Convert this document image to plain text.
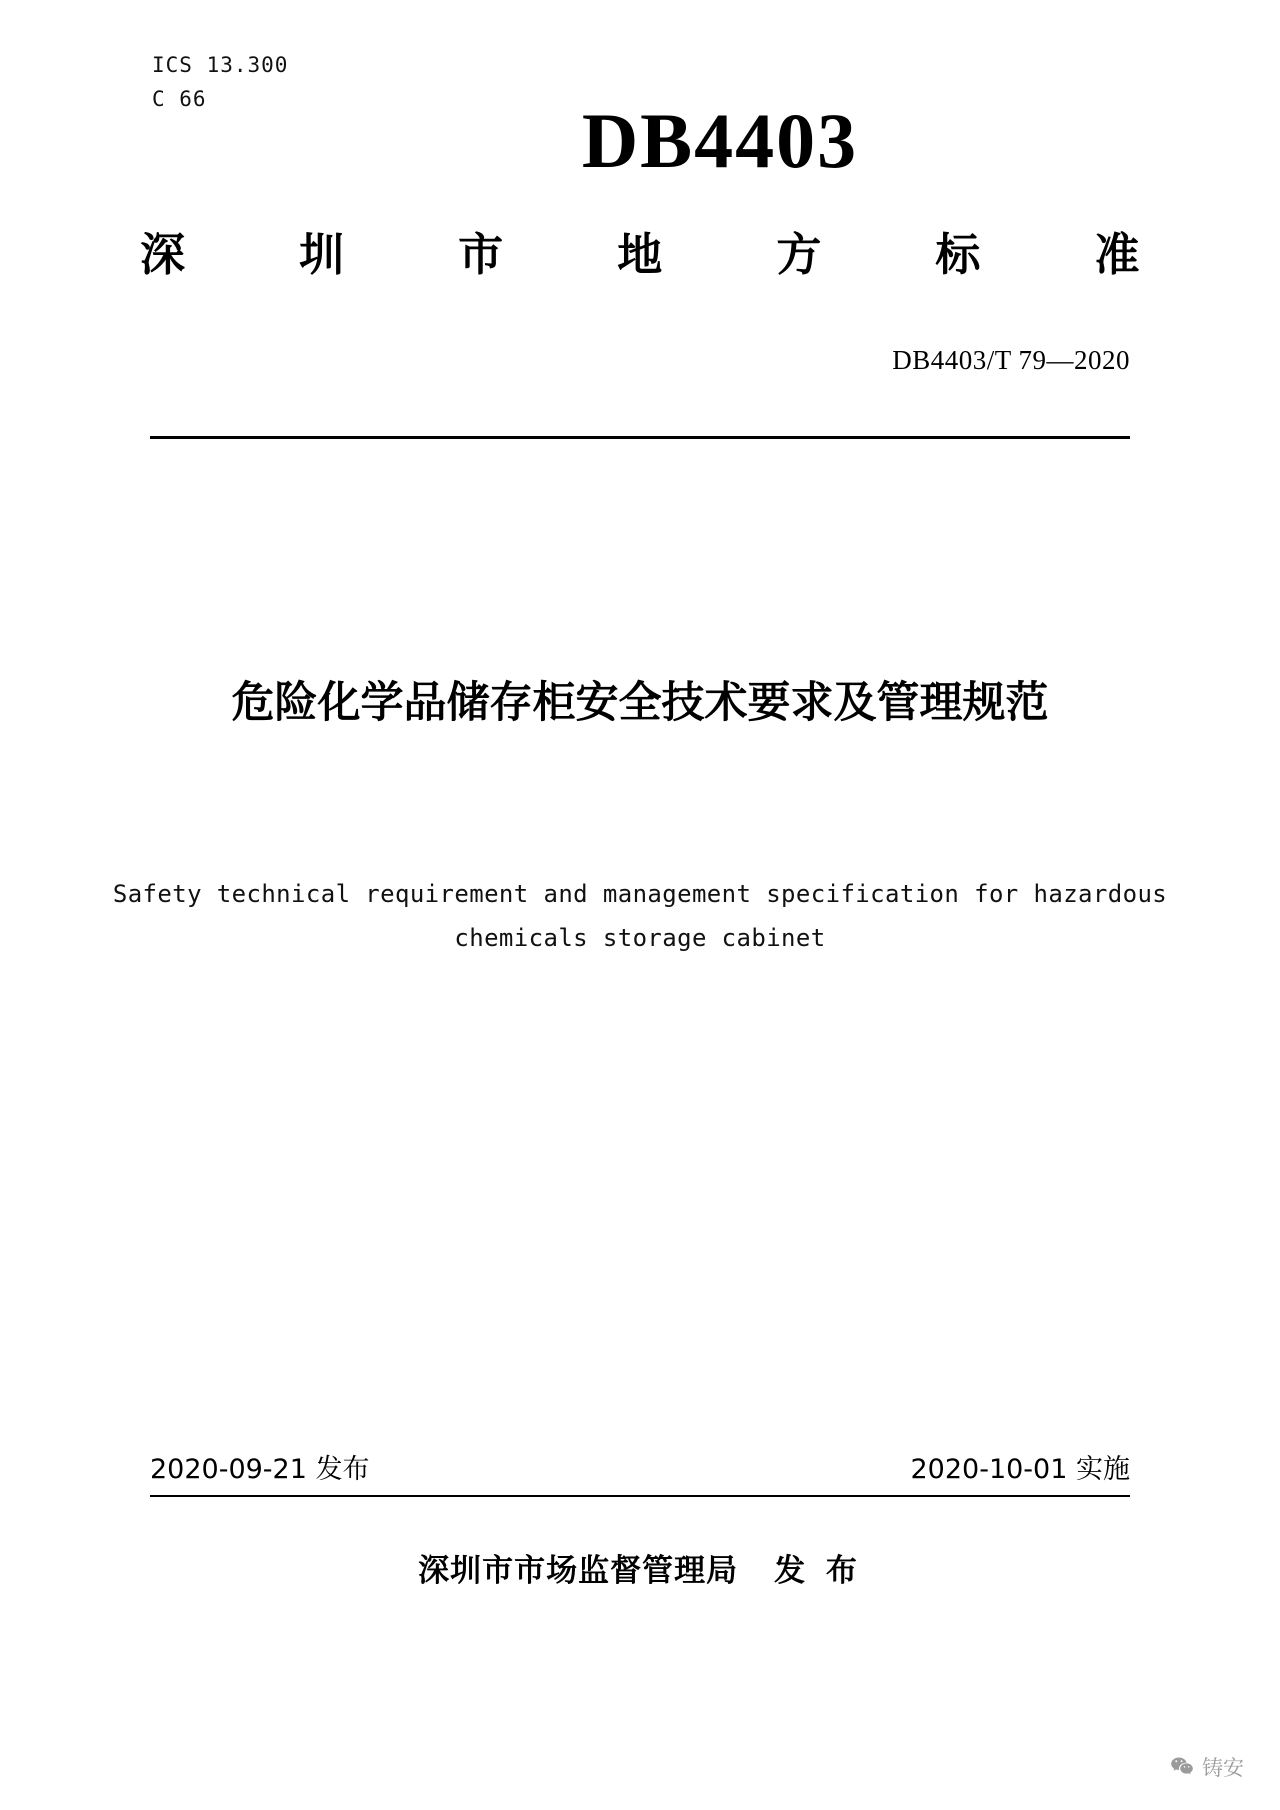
ICS 13.300
C 66	DB4403
深	圳	市	地	方	标	准
DB4403/T 79—2020
危险化学品储存柜安全技术要求及管理规范
Safety technical requirement and management specification for hazardous
chemicals storage cabinet
2020-09-21 发布	2020-10-01 实施
深圳市市场监督管理局 发 布
铸安
